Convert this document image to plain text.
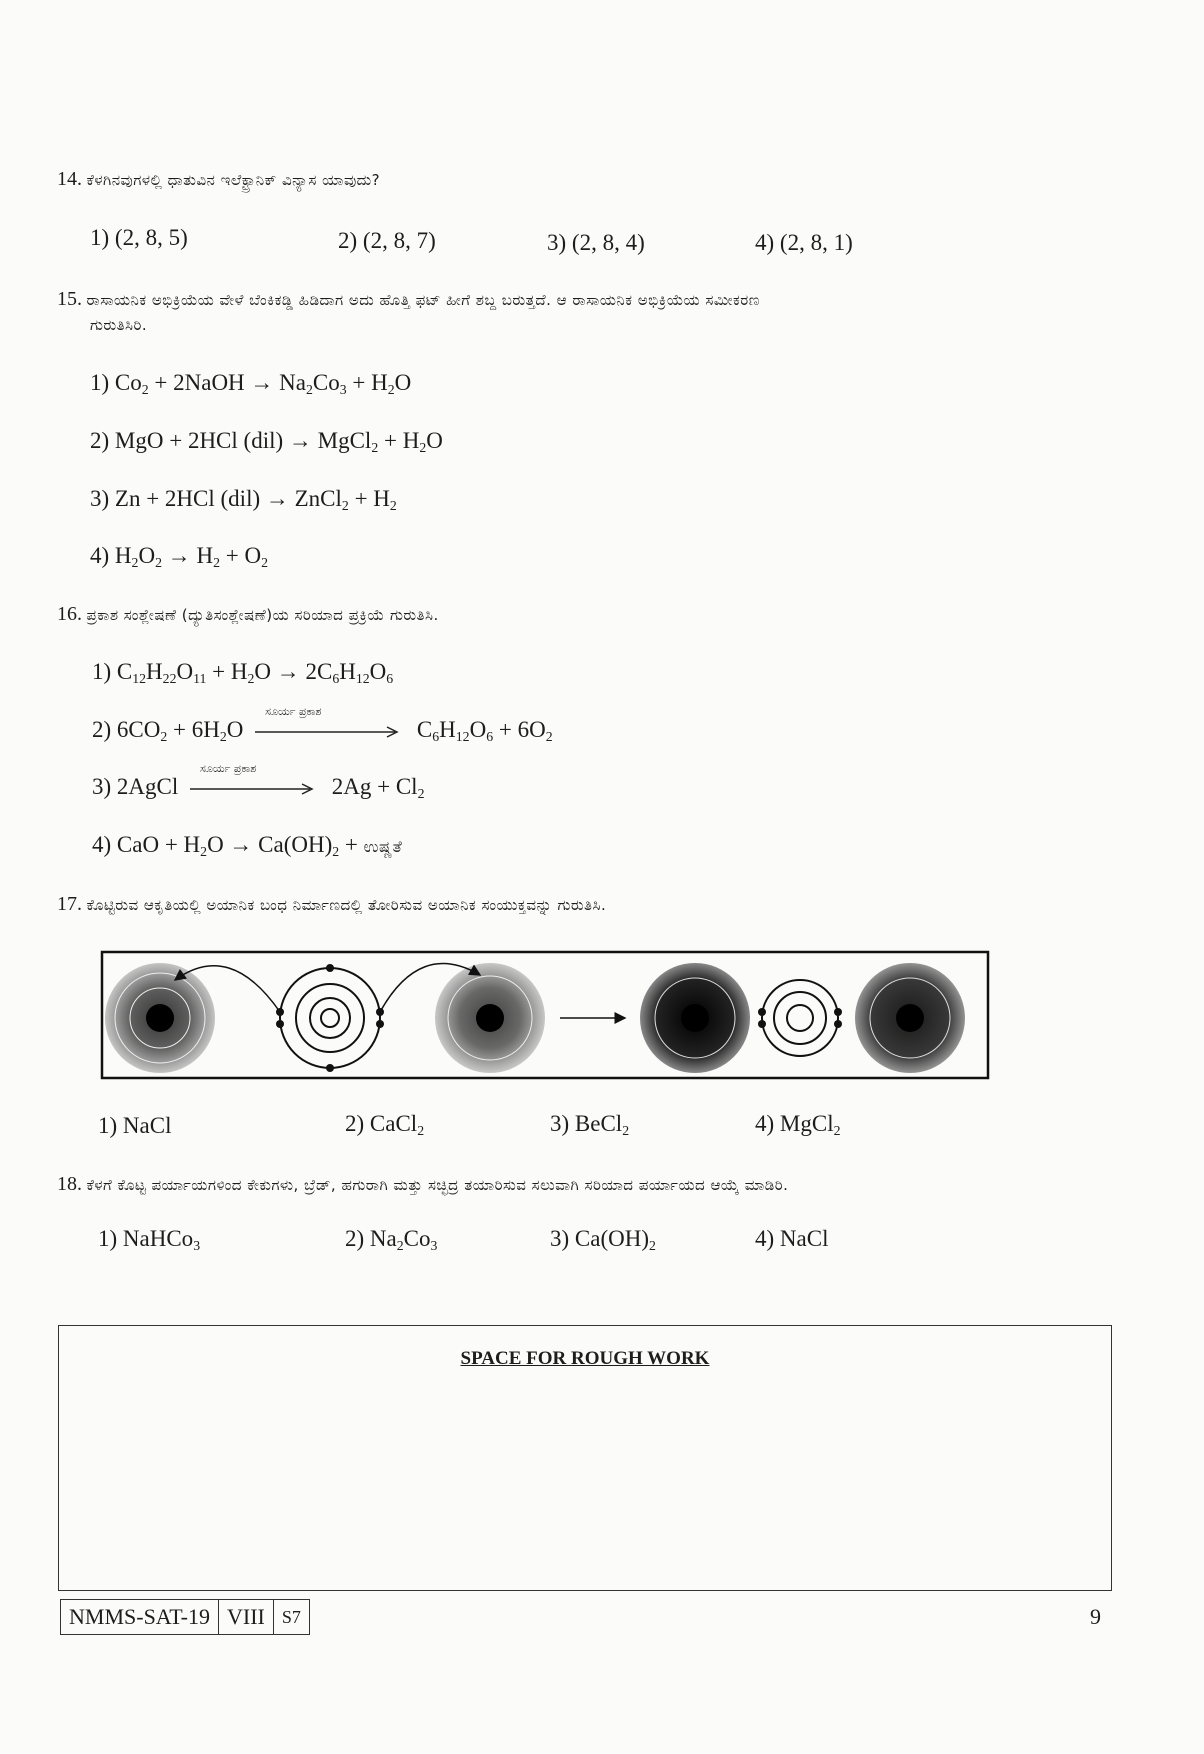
14. ಕೆಳಗಿನವುಗಳಲ್ಲಿ ಧಾತುವಿನ ಇಲೆಕ್ಟ್ರಾನಿಕ್ ವಿನ್ಯಾಸ ಯಾವುದು?
1) (2, 8, 5)	2) (2, 8, 7)	3) (2, 8, 4)	4) (2, 8, 1)
15. ರಾಸಾಯನಿಕ ಅಭಿಕ್ರಿಯೆಯ ವೇಳೆ ಬೆಂಕಿಕಡ್ಡಿ ಹಿಡಿದಾಗ ಅದು ಹೊತ್ತಿ ಫಟ್ ಹೀಗೆ ಶಬ್ದ ಬರುತ್ತದೆ. ಆ ರಾಸಾಯನಿಕ ಅಭಿಕ್ರಿಯೆಯ ಸಮೀಕರಣ
ಗುರುತಿಸಿರಿ.
1) $Co_2$ + 2NaOH → $Na_2Co_3 + H_2O$
2) MgO + 2HCl (dil) → MgCl$_2$ + $H_2O$
3) Zn + 2HCl (dil) → ZnCl$_2$ + $H_2$
4) $H_2O_2 \to H_2 + O_2$
16. ಪ್ರಕಾಶ ಸಂಶ್ಲೇಷಣೆ (ದ್ಯುತಿಸಂಶ್ಲೇಷಣೆ)ಯ ಸರಿಯಾದ ಪ್ರಕ್ರಿಯೆ ಗುರುತಿಸಿ.
1) $C_{12}H_{22}O_{11} + H_2O \to 2C_6H_{12}O_6$
2) $6CO_2 + 6H_2O$
ಸೂರ್ಯ ಪ್ರಕಾಶ
$C_6H_{12}O_6 + 6O_2$
3) 2AgCl
ಸೂರ್ಯ ಪ್ರಕಾಶ
$2Ag + Cl_2$
4) CaO + $H_2O \to Ca(OH)_2$ + ಉಷ್ಣತೆ
17. ಕೊಟ್ಟಿರುವ ಆಕೃತಿಯಲ್ಲಿ ಅಯಾನಿಕ ಬಂಧ ನಿರ್ಮಾಣದಲ್ಲಿ ತೋರಿಸುವ ಅಯಾನಿಕ ಸಂಯುಕ್ತವನ್ನು ಗುರುತಿಸಿ.
1) NaCl	2) CaCl$_2$	3) BeCl$_2$	4) MgCl$_2$
18. ಕೆಳಗೆ ಕೊಟ್ಟ ಪರ್ಯಾಯಗಳಿಂದ ಕೇಕುಗಳು, ಬ್ರೆಡ್, ಹಗುರಾಗಿ ಮತ್ತು ಸಚ್ಛಿದ್ರ ತಯಾರಿಸುವ ಸಲುವಾಗಿ ಸರಿಯಾದ ಪರ್ಯಾಯದ ಆಯ್ಕೆ ಮಾಡಿರಿ.
1) NaHCo$_3$	2) $Na_2Co_3$	3) $Ca(OH)_2$	4) NaCl
SPACE FOR ROUGH WORK
NMMS-SAT-19 VIII S7	9
